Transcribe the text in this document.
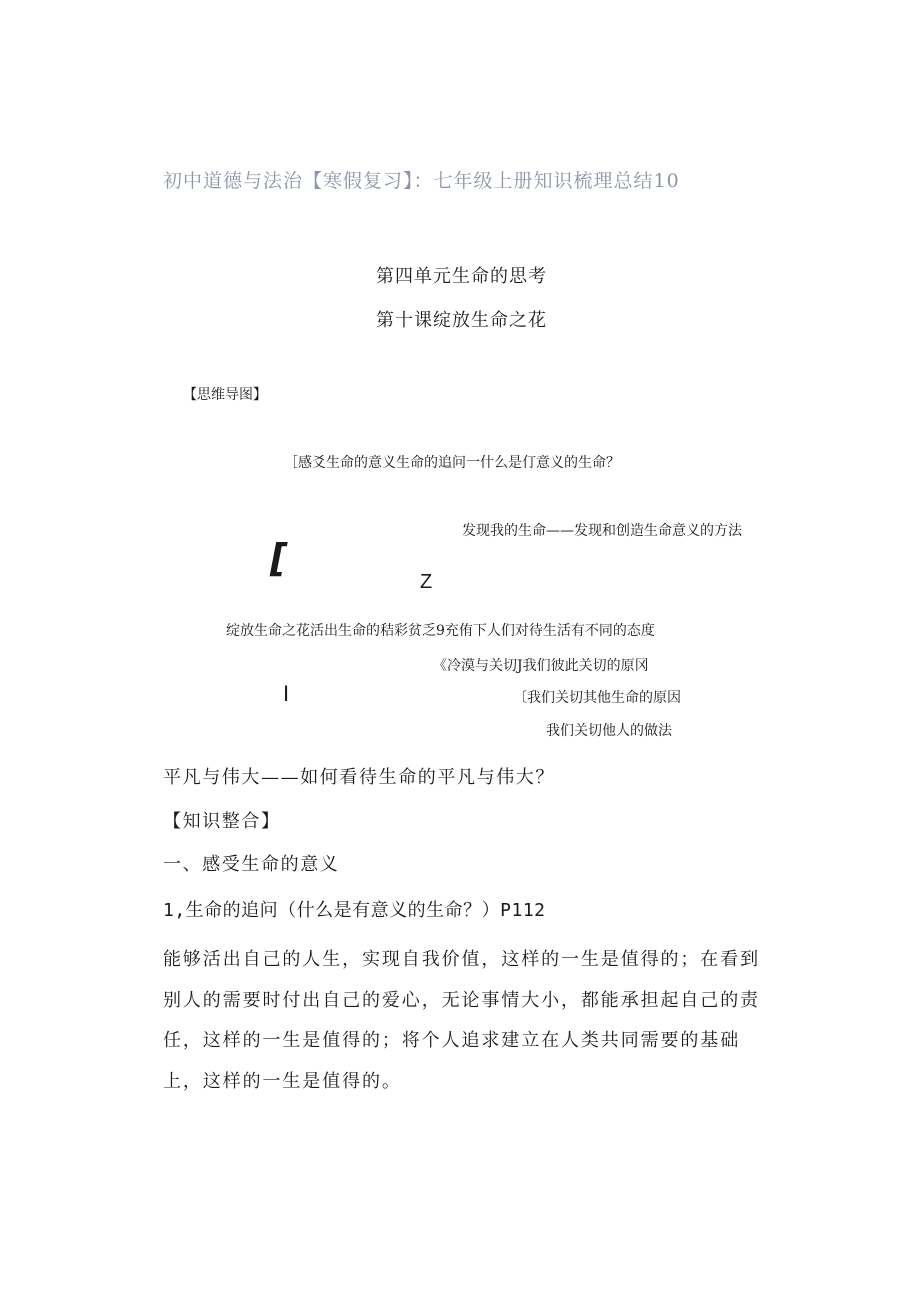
初中道德与法治【寒假复习】：七年级上册知识梳理总结10
第四单元生命的思考
第十课绽放生命之花
【思维导图】
［感爻生命的意义生命的追问一什么是仃意义的生命？
发现我的生命——发现和创造生命意义的方法
[
Z
绽放生命之花活出生命的秸彩贫乏9充侑下人们对待生活有不同的态度
《冷漠与关切J我们彼此关切的原冈
I	〔我们关切其他生命的原因
我们关切他人的做法
平凡与伟大——如何看待生命的平凡与伟大？
【知识整合】
一、感受生命的意义
1,生命的追问（什么是有意义的生命？）P112
能够活出自己的人生，实现自我价值，这样的一生是值得的；在看到
别人的需要时付出自己的爱心，无论事情大小，都能承担起自己的责
任，这样的一生是值得的；将个人追求建立在人类共同需要的基础
上，这样的一生是值得的。
